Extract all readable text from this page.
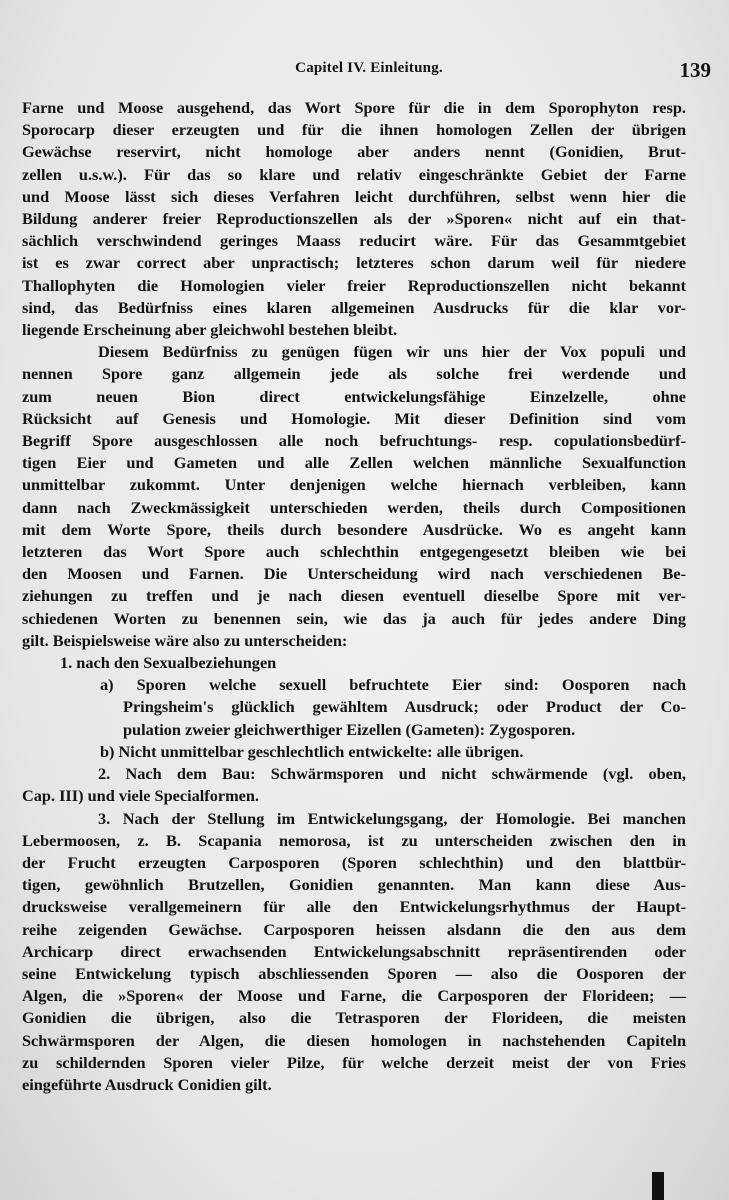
Capitel IV. Einleitung.	139
Farne und Moose ausgehend, das Wort Spore für die in dem Sporophyton resp.
Sporocarp dieser erzeugten und für die ihnen homologen Zellen der übrigen
Gewächse reservirt, nicht homologe aber anders nennt (Gonidien, Brut-
zellen u.s.w.). Für das so klare und relativ eingeschränkte Gebiet der Farne
und Moose lässt sich dieses Verfahren leicht durchführen, selbst wenn hier die
Bildung anderer freier Reproductionszellen als der »Sporen« nicht auf ein that-
sächlich verschwindend geringes Maass reducirt wäre. Für das Gesammtgebiet
ist es zwar correct aber unpractisch; letzteres schon darum weil für niedere
Thallophyten die Homologien vieler freier Reproductionszellen nicht bekannt
sind, das Bedürfniss eines klaren allgemeinen Ausdrucks für die klar vor-
liegende Erscheinung aber gleichwohl bestehen bleibt.
Diesem Bedürfniss zu genügen fügen wir uns hier der Vox populi und
nennen Spore ganz allgemein jede als solche frei werdende und
zum neuen Bion direct entwickelungsfähige Einzelzelle, ohne
Rücksicht auf Genesis und Homologie. Mit dieser Definition sind vom
Begriff Spore ausgeschlossen alle noch befruchtungs- resp. copulationsbedürf-
tigen Eier und Gameten und alle Zellen welchen männliche Sexualfunction
unmittelbar zukommt. Unter denjenigen welche hiernach verbleiben, kann
dann nach Zweckmässigkeit unterschieden werden, theils durch Compositionen
mit dem Worte Spore, theils durch besondere Ausdrücke. Wo es angeht kann
letzteren das Wort Spore auch schlechthin entgegengesetzt bleiben wie bei
den Moosen und Farnen. Die Unterscheidung wird nach verschiedenen Be-
ziehungen zu treffen und je nach diesen eventuell dieselbe Spore mit ver-
schiedenen Worten zu benennen sein, wie das ja auch für jedes andere Ding
gilt. Beispielsweise wäre also zu unterscheiden:
1. nach den Sexualbeziehungen
a) Sporen welche sexuell befruchtete Eier sind: Oosporen nach
Pringsheim's glücklich gewähltem Ausdruck; oder Product der Co-
pulation zweier gleichwerthiger Eizellen (Gameten): Zygosporen.
b) Nicht unmittelbar geschlechtlich entwickelte: alle übrigen.
2. Nach dem Bau: Schwärmsporen und nicht schwärmende (vgl. oben,
Cap. III) und viele Specialformen.
3. Nach der Stellung im Entwickelungsgang, der Homologie. Bei manchen
Lebermoosen, z. B. Scapania nemorosa, ist zu unterscheiden zwischen den in
der Frucht erzeugten Carposporen (Sporen schlechthin) und den blattbür-
tigen, gewöhnlich Brutzellen, Gonidien genannten. Man kann diese Aus-
drucksweise verallgemeinern für alle den Entwickelungsrhythmus der Haupt-
reihe zeigenden Gewächse. Carposporen heissen alsdann die den aus dem
Archicarp direct erwachsenden Entwickelungsabschnitt repräsentirenden oder
seine Entwickelung typisch abschliessenden Sporen — also die Oosporen der
Algen, die »Sporen« der Moose und Farne, die Carposporen der Florideen; —
Gonidien die übrigen, also die Tetrasporen der Florideen, die meisten
Schwärmsporen der Algen, die diesen homologen in nachstehenden Capiteln
zu schildernden Sporen vieler Pilze, für welche derzeit meist der von Fries
eingeführte Ausdruck Conidien gilt.
